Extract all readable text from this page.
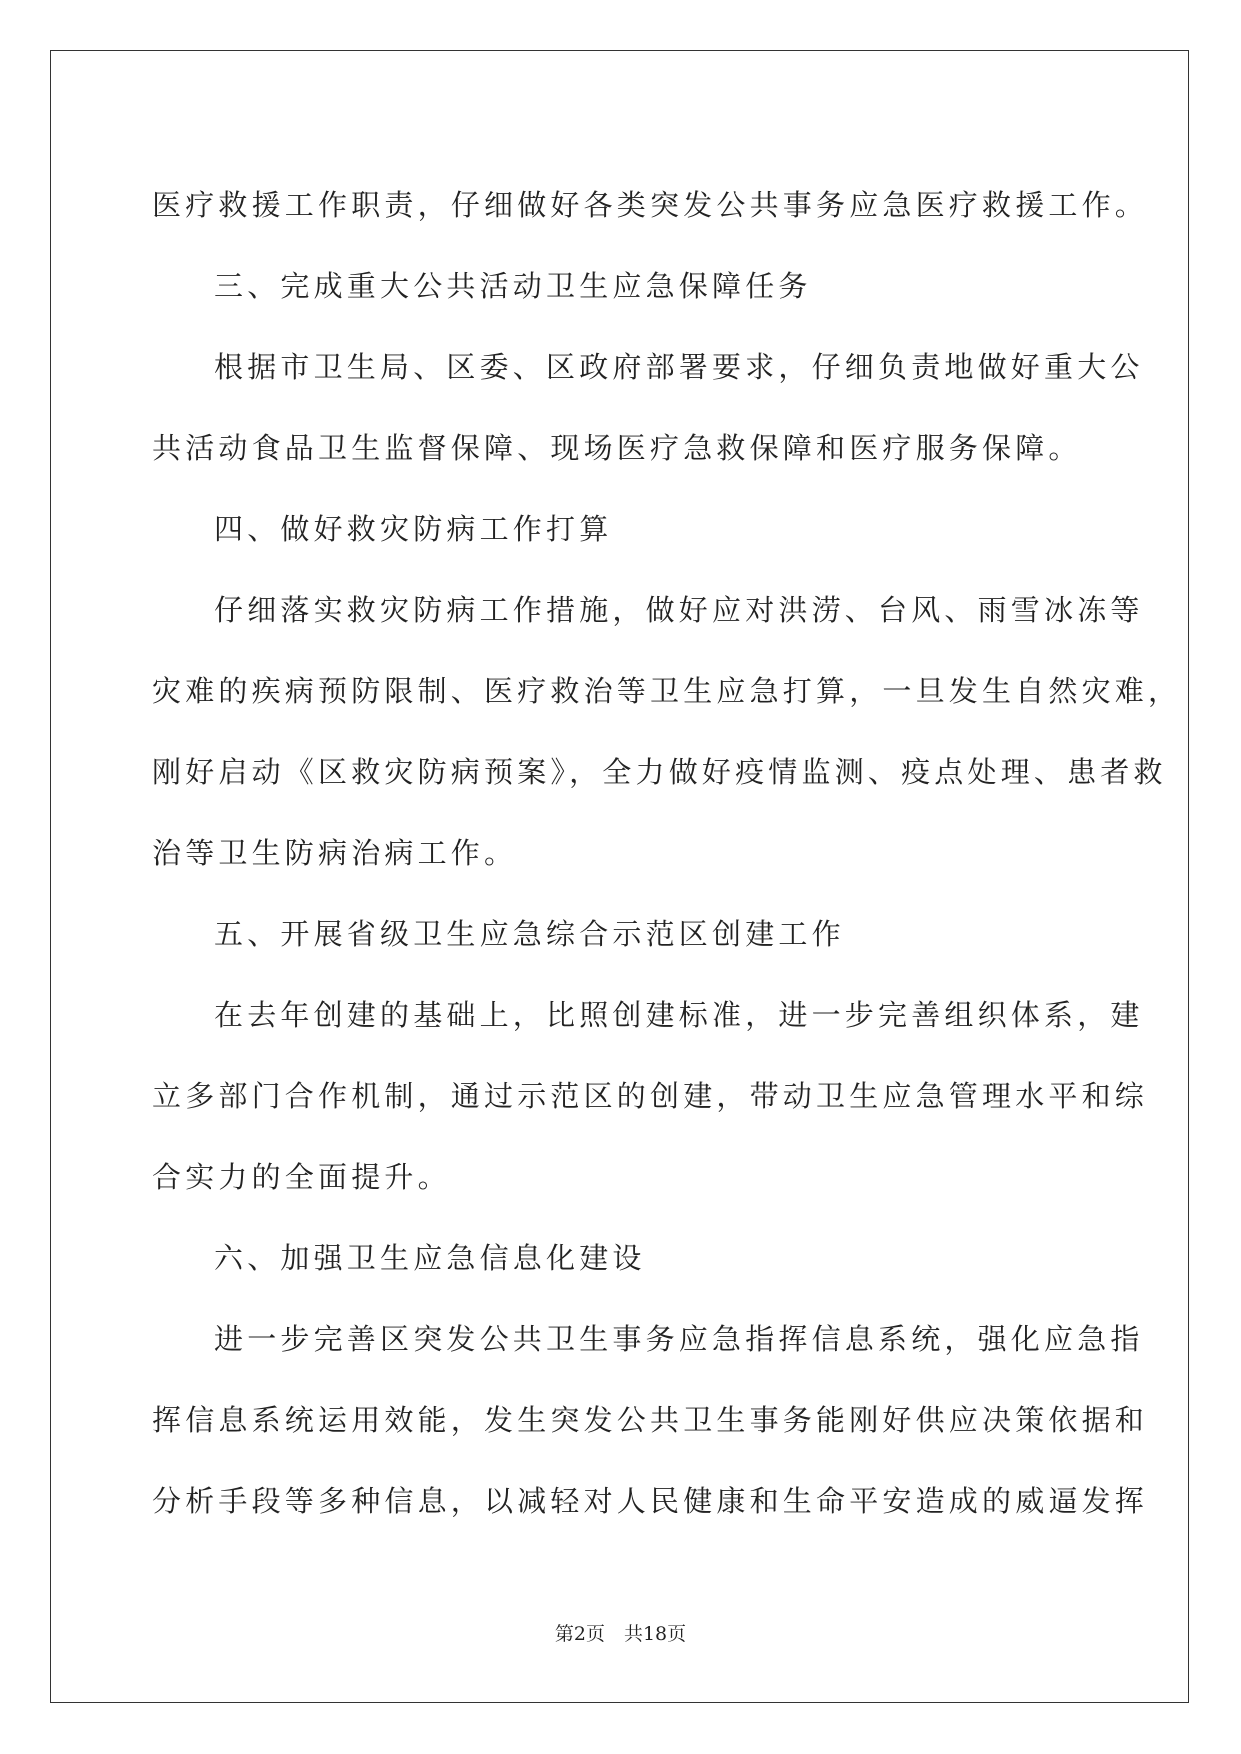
医疗救援工作职责，仔细做好各类突发公共事务应急医疗救援工作。
三、完成重大公共活动卫生应急保障任务
根据市卫生局、区委、区政府部署要求，仔细负责地做好重大公
共活动食品卫生监督保障、现场医疗急救保障和医疗服务保障。
四、做好救灾防病工作打算
仔细落实救灾防病工作措施，做好应对洪涝、台风、雨雪冰冻等
灾难的疾病预防限制、医疗救治等卫生应急打算，一旦发生自然灾难，
刚好启动《区救灾防病预案》，全力做好疫情监测、疫点处理、患者救
治等卫生防病治病工作。
五、开展省级卫生应急综合示范区创建工作
在去年创建的基础上，比照创建标准，进一步完善组织体系，建
立多部门合作机制，通过示范区的创建，带动卫生应急管理水平和综
合实力的全面提升。
六、加强卫生应急信息化建设
进一步完善区突发公共卫生事务应急指挥信息系统，强化应急指
挥信息系统运用效能，发生突发公共卫生事务能刚好供应决策依据和
分析手段等多种信息，以减轻对人民健康和生命平安造成的威逼发挥
第2页　共18页
